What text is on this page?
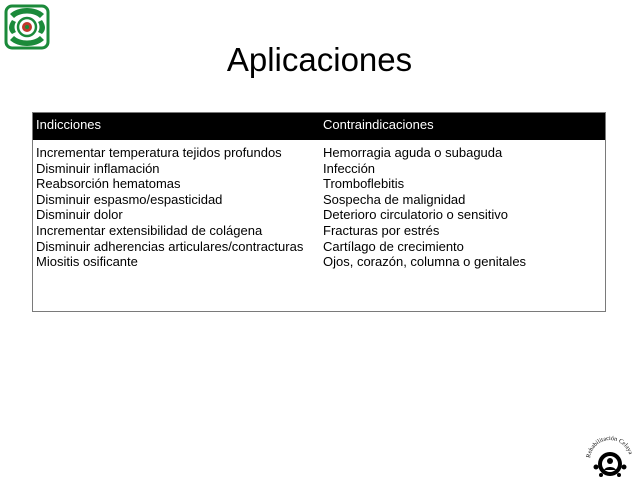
Aplicaciones
Indicciones	Contraindicaciones
Incrementar temperatura tejidos profundos
Disminuir inflamación
Reabsorción hematomas
Disminuir espasmo/espasticidad
Disminuir dolor
Incrementar extensibilidad de colágena
Disminuir adherencias articulares/contracturas
Miositis osificante
Hemorragia aguda o subaguda
Infección
Tromboflebitis
Sospecha de malignidad
Deterioro circulatorio o sensitivo
Fracturas por estrés
Cartílago de crecimiento
Ojos, corazón, columna o genitales
Rehabilitación Celaya
